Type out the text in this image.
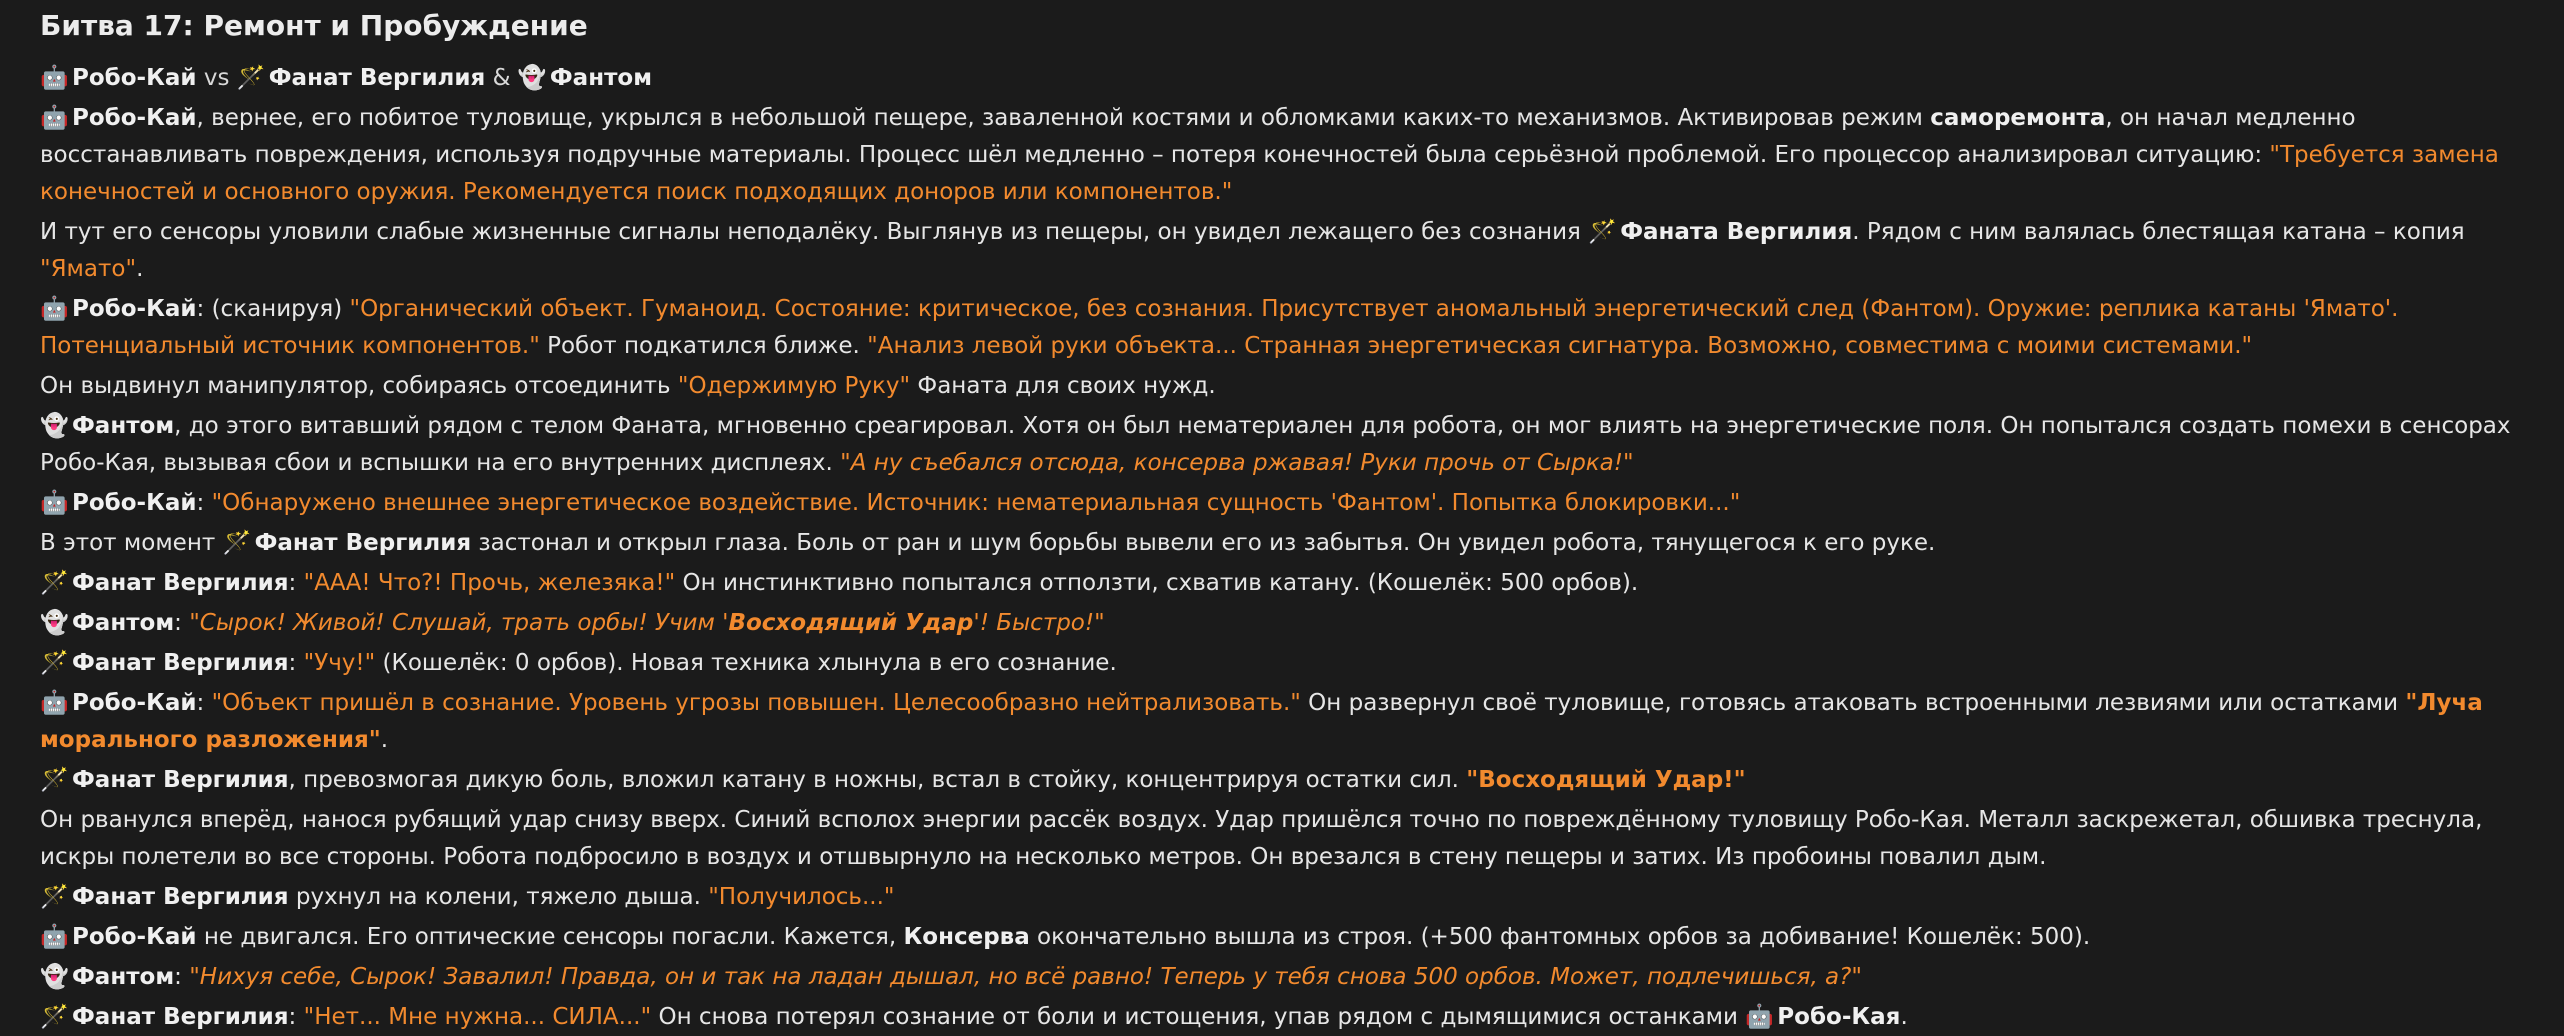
Битва 17: Ремонт и Пробуждение

🤖 Робо-Кай vs 🪄 Фанат Вергилия & 👻 Фантом

🤖 Робо-Кай, вернее, его побитое туловище, укрылся в небольшой пещере, заваленной костями и обломками каких-то механизмов. Активировав режим саморемонта, он начал медленно восстанавливать повреждения, используя подручные материалы. Процесс шёл медленно – потеря конечностей была серьёзной проблемой. Его процессор анализировал ситуацию: "Требуется замена конечностей и основного оружия. Рекомендуется поиск подходящих доноров или компонентов."

И тут его сенсоры уловили слабые жизненные сигналы неподалёку. Выглянув из пещеры, он увидел лежащего без сознания 🪄 Фаната Вергилия. Рядом с ним валялась блестящая катана – копия "Ямато".

🤖 Робо-Кай: (сканируя) "Органический объект. Гуманоид. Состояние: критическое, без сознания. Присутствует аномальный энергетический след (Фантом). Оружие: реплика катаны 'Ямато'. Потенциальный источник компонентов." Робот подкатился ближе. "Анализ левой руки объекта... Странная энергетическая сигнатура. Возможно, совместима с моими системами."

Он выдвинул манипулятор, собираясь отсоединить "Одержимую Руку" Фаната для своих нужд.

👻 Фантом, до этого витавший рядом с телом Фаната, мгновенно среагировал. Хотя он был нематериален для робота, он мог влиять на энергетические поля. Он попытался создать помехи в сенсорах Робо-Кая, вызывая сбои и вспышки на его внутренних дисплеях. "А ну съебался отсюда, консерва ржавая! Руки прочь от Сырка!"

🤖 Робо-Кай: "Обнаружено внешнее энергетическое воздействие. Источник: нематериальная сущность 'Фантом'. Попытка блокировки..."

В этот момент 🪄 Фанат Вергилия застонал и открыл глаза. Боль от ран и шум борьбы вывели его из забытья. Он увидел робота, тянущегося к его руке.

🪄 Фанат Вергилия: "ААА! Что?! Прочь, железяка!" Он инстинктивно попытался отползти, схватив катану. (Кошелёк: 500 орбов).

👻 Фантом: "Сырок! Живой! Слушай, трать орбы! Учим 'Восходящий Удар'! Быстро!"

🪄 Фанат Вергилия: "Учу!" (Кошелёк: 0 орбов). Новая техника хлынула в его сознание.

🤖 Робо-Кай: "Объект пришёл в сознание. Уровень угрозы повышен. Целесообразно нейтрализовать." Он развернул своё туловище, готовясь атаковать встроенными лезвиями или остатками "Луча
морального разложения".

🪄 Фанат Вергилия, превозмогая дикую боль, вложил катану в ножны, встал в стойку, концентрируя остатки сил. "Восходящий Удар!"

Он рванулся вперёд, нанося рубящий удар снизу вверх. Синий всполох энергии рассёк воздух. Удар пришёлся точно по повреждённому туловищу Робо-Кая. Металл заскрежетал, обшивка треснула, искры полетели во все стороны. Робота подбросило в воздух и отшвырнуло на несколько метров. Он врезался в стену пещеры и затих. Из пробоины повалил дым.

🪄 Фанат Вергилия рухнул на колени, тяжело дыша. "Получилось..."

🤖 Робо-Кай не двигался. Его оптические сенсоры погасли. Кажется, Консерва окончательно вышла из строя. (+500 фантомных орбов за добивание! Кошелёк: 500).

👻 Фантом: "Нихуя себе, Сырок! Завалил! Правда, он и так на ладан дышал, но всё равно! Теперь у тебя снова 500 орбов. Может, подлечишься, а?"

🪄 Фанат Вергилия: "Нет... Мне нужна... СИЛА..." Он снова потерял сознание от боли и истощения, упав рядом с дымящимися останками 🤖 Робо-Кая.
